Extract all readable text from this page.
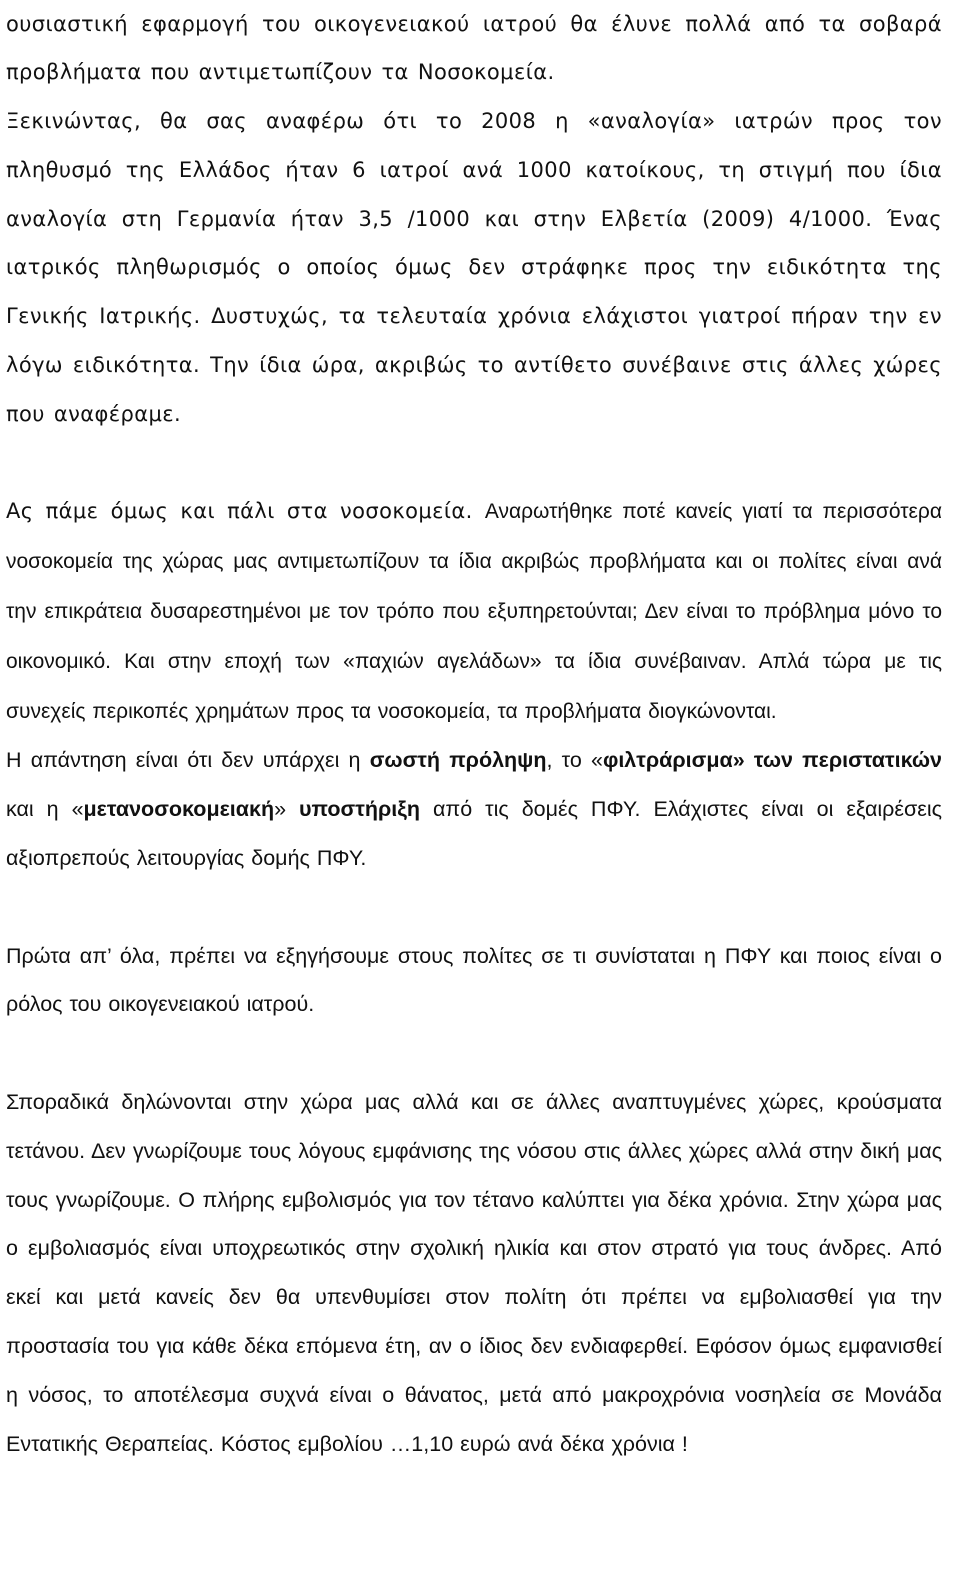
ουσιαστική εφαρμογή του οικογενειακού ιατρού θα έλυνε πολλά από τα σοβαρά προβλήματα που αντιμετωπίζουν τα Νοσοκομεία.

Ξεκινώντας, θα σας αναφέρω ότι το 2008 η «αναλογία» ιατρών προς τον πληθυσμό της Ελλάδος ήταν 6 ιατροί ανά 1000 κατοίκους, τη στιγμή που ίδια αναλογία στη Γερμανία ήταν 3,5 /1000 και στην Ελβετία (2009) 4/1000. Ένας ιατρικός πληθωρισμός ο οποίος όμως δεν στράφηκε προς την ειδικότητα της Γενικής Ιατρικής. Δυστυχώς, τα τελευταία χρόνια ελάχιστοι γιατροί πήραν την εν λόγω ειδικότητα. Την ίδια ώρα, ακριβώς το αντίθετο συνέβαινε στις άλλες χώρες που αναφέραμε.

Ας πάμε όμως και πάλι στα νοσοκομεία. Αναρωτήθηκε ποτέ κανείς γιατί τα περισσότερα νοσοκομεία της χώρας μας αντιμετωπίζουν τα ίδια ακριβώς προβλήματα και οι πολίτες είναι ανά την επικράτεια δυσαρεστημένοι με τον τρόπο που εξυπηρετούνται; Δεν είναι το πρόβλημα μόνο το οικονομικό. Και στην εποχή των «παχιών αγελάδων» τα ίδια συνέβαιναν. Απλά τώρα με τις συνεχείς περικοπές χρημάτων προς τα νοσοκομεία, τα προβλήματα διογκώνονται.

Η απάντηση είναι ότι δεν υπάρχει η σωστή πρόληψη, το «φιλτράρισμα» των περιστατικών και η «μετανοσοκομειακή» υποστήριξη από τις δομές ΠΦΥ. Ελάχιστες είναι οι εξαιρέσεις αξιοπρεπούς λειτουργίας δομής ΠΦΥ.

Πρώτα απ’ όλα, πρέπει να εξηγήσουμε στους πολίτες σε τι συνίσταται η ΠΦΥ και ποιος είναι ο ρόλος του οικογενειακού ιατρού.

Σποραδικά δηλώνονται στην χώρα μας αλλά και σε άλλες αναπτυγμένες χώρες, κρούσματα τετάνου. Δεν γνωρίζουμε τους λόγους εμφάνισης της νόσου στις άλλες χώρες αλλά στην δική μας τους γνωρίζουμε. Ο πλήρης εμβολισμός για τον τέτανο καλύπτει για δέκα χρόνια. Στην χώρα μας ο εμβολιασμός είναι υποχρεωτικός στην σχολική ηλικία και στον στρατό για τους άνδρες. Από εκεί και μετά κανείς δεν θα υπενθυμίσει στον πολίτη ότι πρέπει να εμβολιασθεί για την προστασία του για κάθε δέκα επόμενα έτη, αν ο ίδιος δεν ενδιαφερθεί. Εφόσον όμως εμφανισθεί η νόσος, το αποτέλεσμα συχνά είναι ο θάνατος, μετά από μακροχρόνια νοσηλεία σε Μονάδα Εντατικής Θεραπείας. Κόστος εμβολίου …1,10 ευρώ ανά δέκα χρόνια !
